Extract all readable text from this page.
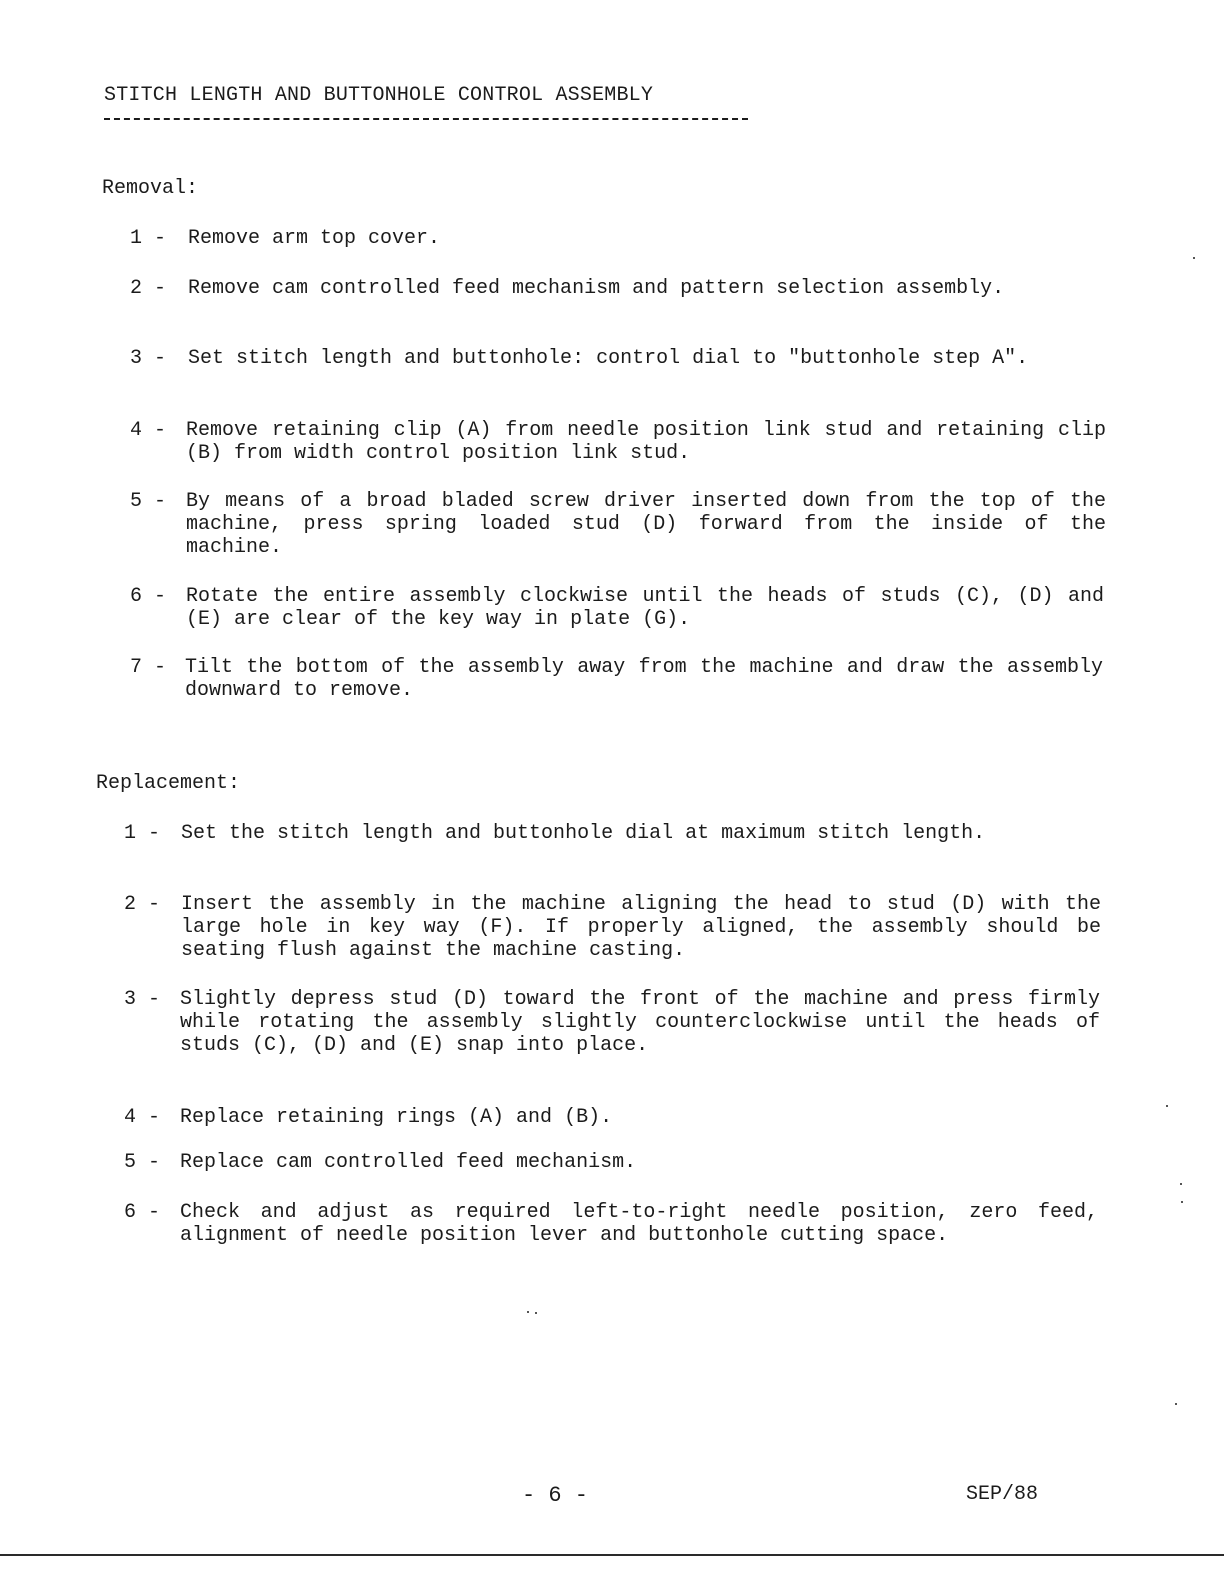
STITCH LENGTH AND BUTTONHOLE CONTROL ASSEMBLY
Removal:
1 - Remove arm top cover.
2 - Remove cam controlled feed mechanism and pattern selection assembly.
3 - Set stitch length and buttonhole: control dial to "buttonhole step A".
4 - Remove retaining clip (A) from needle position link stud and retaining clip (B) from width control position link stud.
5 - By means of a broad bladed screw driver inserted down from the top of the machine, press spring loaded stud (D) forward from the inside of the machine.
6 - Rotate the entire assembly clockwise until the heads of studs (C), (D) and (E) are clear of the key way in plate (G).
7 - Tilt the bottom of the assembly away from the machine and draw the assembly downward to remove.
Replacement:
1 - Set the stitch length and buttonhole dial at maximum stitch length.
2 - Insert the assembly in the machine aligning the head to stud (D) with the large hole in key way (F). If properly aligned, the assembly should be seating flush against the machine casting.
3 - Slightly depress stud (D) toward the front of the machine and press firmly while rotating the assembly slightly counterclockwise until the heads of studs (C), (D) and (E) snap into place.
4 - Replace retaining rings (A) and (B).
5 - Replace cam controlled feed mechanism.
6 - Check and adjust as required left-to-right needle position, zero feed, alignment of needle position lever and buttonhole cutting space.
- 6 -	SEP/88
